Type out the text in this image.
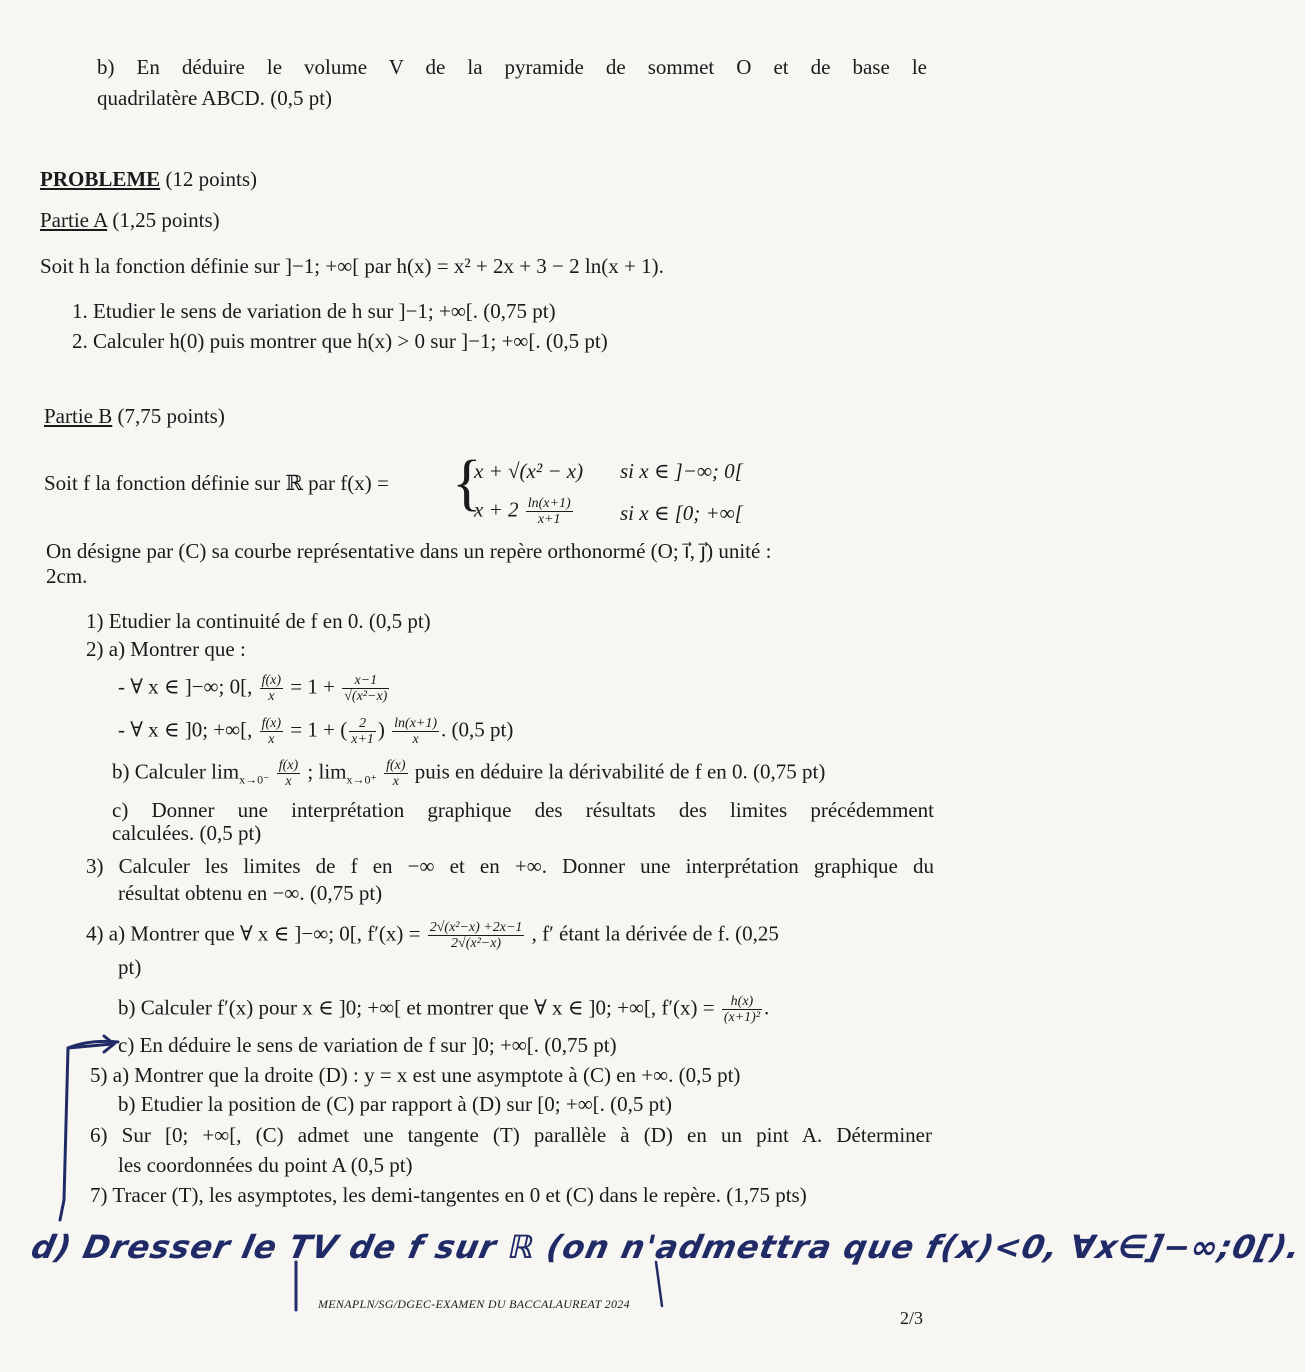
b) En déduire le volume V de la pyramide de sommet O et de base le
quadrilatère ABCD. (0,5 pt)
PROBLEME (12 points)
Partie A (1,25 points)
Soit h la fonction définie sur ]−1; +∞[ par h(x) = x² + 2x + 3 − 2 ln(x + 1).
1. Etudier le sens de variation de h sur ]−1; +∞[. (0,75 pt)
2. Calculer h(0) puis montrer que h(x) > 0 sur ]−1; +∞[. (0,5 pt)
Partie B (7,75 points)
Soit f la fonction définie sur ℝ par f(x) = {
x + √(x² − x) si x ∈ ]−∞; 0[
$x + 2 \frac{\ln(x+1)}{x+1}$ si x ∈ [0; +∞[
On désigne par (C) sa courbe représentative dans un repère orthonormé (O; i⃗, j⃗) unité :
2cm.
1) Etudier la continuité de f en 0. (0,5 pt)
2) a) Montrer que :
- ∀ x ∈ ]−∞; 0[, $\frac{f(x)}{x} = 1 + \frac{x-1}{\text{√(x²−x)}}$
- ∀ x ∈ ]0; +∞[, $\frac{f(x)}{x} = 1$ + ( $\frac{2}{x+1}$ ) $\frac{\ln(x+1)}{x}$ . (0,5 pt)
b) Calculer $\lim_{x\to 0^-} \frac{f(x)}{x}$ ; $\lim_{x\to 0^+} \frac{f(x)}{x}$ puis en déduire la dérivabilité de f en 0. (0,75 pt)
c) Donner une interprétation graphique des résultats des limites précédemment
calculées. (0,5 pt)
3) Calculer les limites de f en −∞ et en +∞. Donner une interprétation graphique du
résultat obtenu en −∞. (0,75 pt)
4) a) Montrer que ∀ x ∈ ]−∞; 0[, $f'(x) = \frac{\text{2√(x²−x) +2x−1}}{\text{2√(x²−x)}}$ , f′ étant la dérivée de f. (0,25
pt)
b) Calculer f′(x) pour x ∈ ]0; +∞[ et montrer que ∀ x ∈ ]0; +∞[, $f'(x) = \frac{h(x)}{\text{(x+1)²}}$ .
c) En déduire le sens de variation de f sur ]0; +∞[. (0,75 pt)
5) a) Montrer que la droite (D) : y = x est une asymptote à (C) en +∞. (0,5 pt)
b) Etudier la position de (C) par rapport à (D) sur [0; +∞[. (0,5 pt)
6) Sur [0; +∞[, (C) admet une tangente (T) parallèle à (D) en un pint A. Déterminer
les coordonnées du point A (0,5 pt)
7) Tracer (T), les asymptotes, les demi-tangentes en 0 et (C) dans le repère. (1,75 pts)
d) Dresser le TV de f sur ℝ (on n'admettra que f(x)<0, ∀x∈]−∞;0[).
MENAPLN/SG/DGEC-EXAMEN DU BACCALAUREAT 2024
2/3
